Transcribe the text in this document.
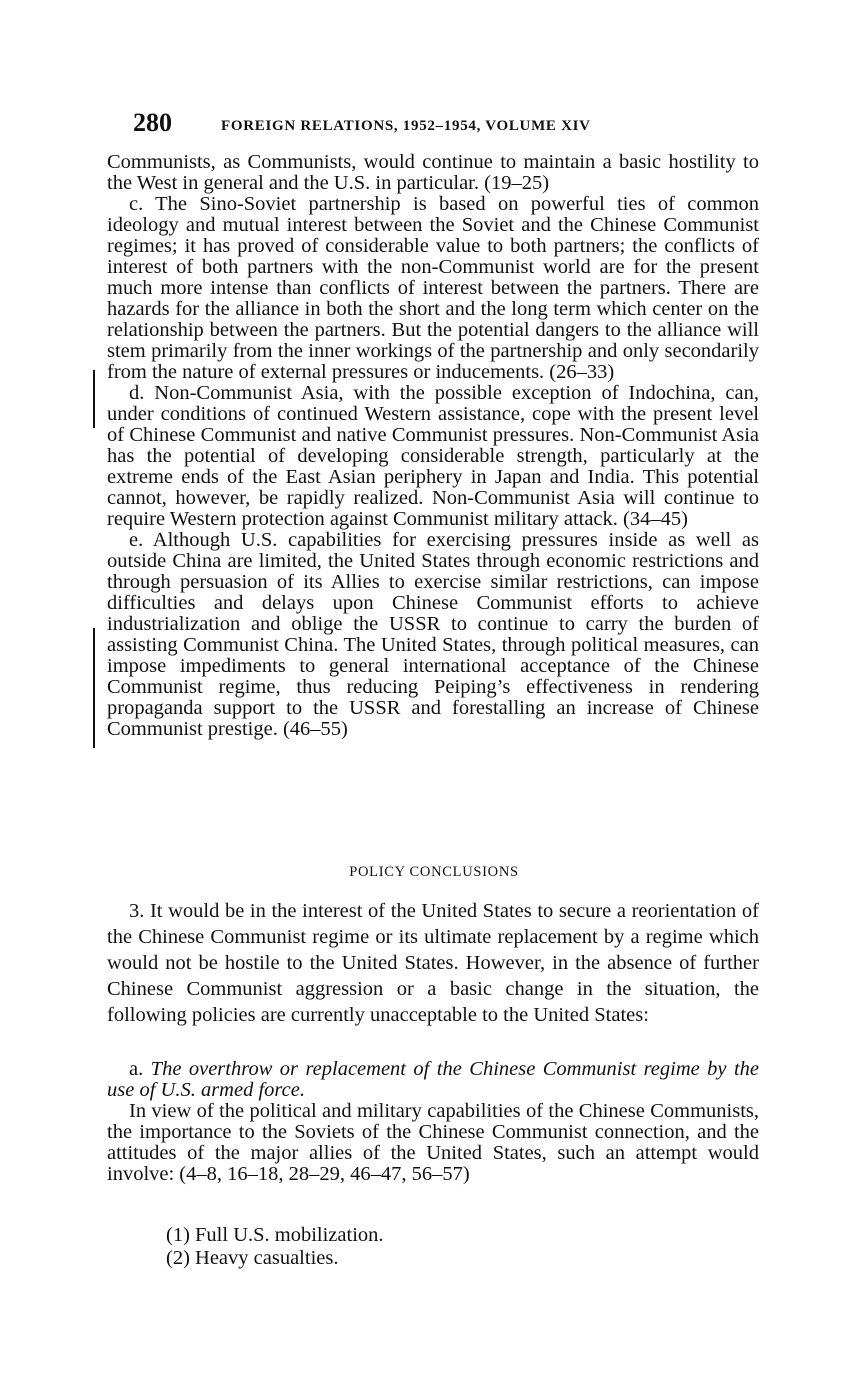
280	FOREIGN RELATIONS, 1952–1954, VOLUME XIV

Communists, as Communists, would continue to maintain a basic hostility to the West in general and the U.S. in particular. (19–25)

c. The Sino-Soviet partnership is based on powerful ties of common ideology and mutual interest between the Soviet and the Chinese Communist regimes; it has proved of considerable value to both partners; the conflicts of interest of both partners with the non-Communist world are for the present much more intense than conflicts of interest between the partners. There are hazards for the alliance in both the short and the long term which center on the relationship between the partners. But the potential dangers to the alliance will stem primarily from the inner workings of the partnership and only secondarily from the nature of external pressures or inducements. (26–33)

d. Non-Communist Asia, with the possible exception of Indochina, can, under conditions of continued Western assistance, cope with the present level of Chinese Communist and native Communist pressures. Non-Communist Asia has the potential of developing considerable strength, particularly at the extreme ends of the East Asian periphery in Japan and India. This potential cannot, however, be rapidly realized. Non-Communist Asia will continue to require Western protection against Communist military attack. (34–45)

e. Although U.S. capabilities for exercising pressures inside as well as outside China are limited, the United States through economic restrictions and through persuasion of its Allies to exercise similar restrictions, can impose difficulties and delays upon Chinese Communist efforts to achieve industrialization and oblige the USSR to continue to carry the burden of assisting Communist China. The United States, through political measures, can impose impediments to general international acceptance of the Chinese Communist regime, thus reducing Peiping’s effectiveness in rendering propaganda support to the USSR and forestalling an increase of Chinese Communist prestige. (46–55)

POLICY CONCLUSIONS

3. It would be in the interest of the United States to secure a reorientation of the Chinese Communist regime or its ultimate replacement by a regime which would not be hostile to the United States. However, in the absence of further Chinese Communist aggression or a basic change in the situation, the following policies are currently unacceptable to the United States:

a. The overthrow or replacement of the Chinese Communist regime by the use of U.S. armed force.

In view of the political and military capabilities of the Chinese Communists, the importance to the Soviets of the Chinese Communist connection, and the attitudes of the major allies of the United States, such an attempt would involve: (4–8, 16–18, 28–29, 46–47, 56–57)

(1) Full U.S. mobilization.
(2) Heavy casualties.
